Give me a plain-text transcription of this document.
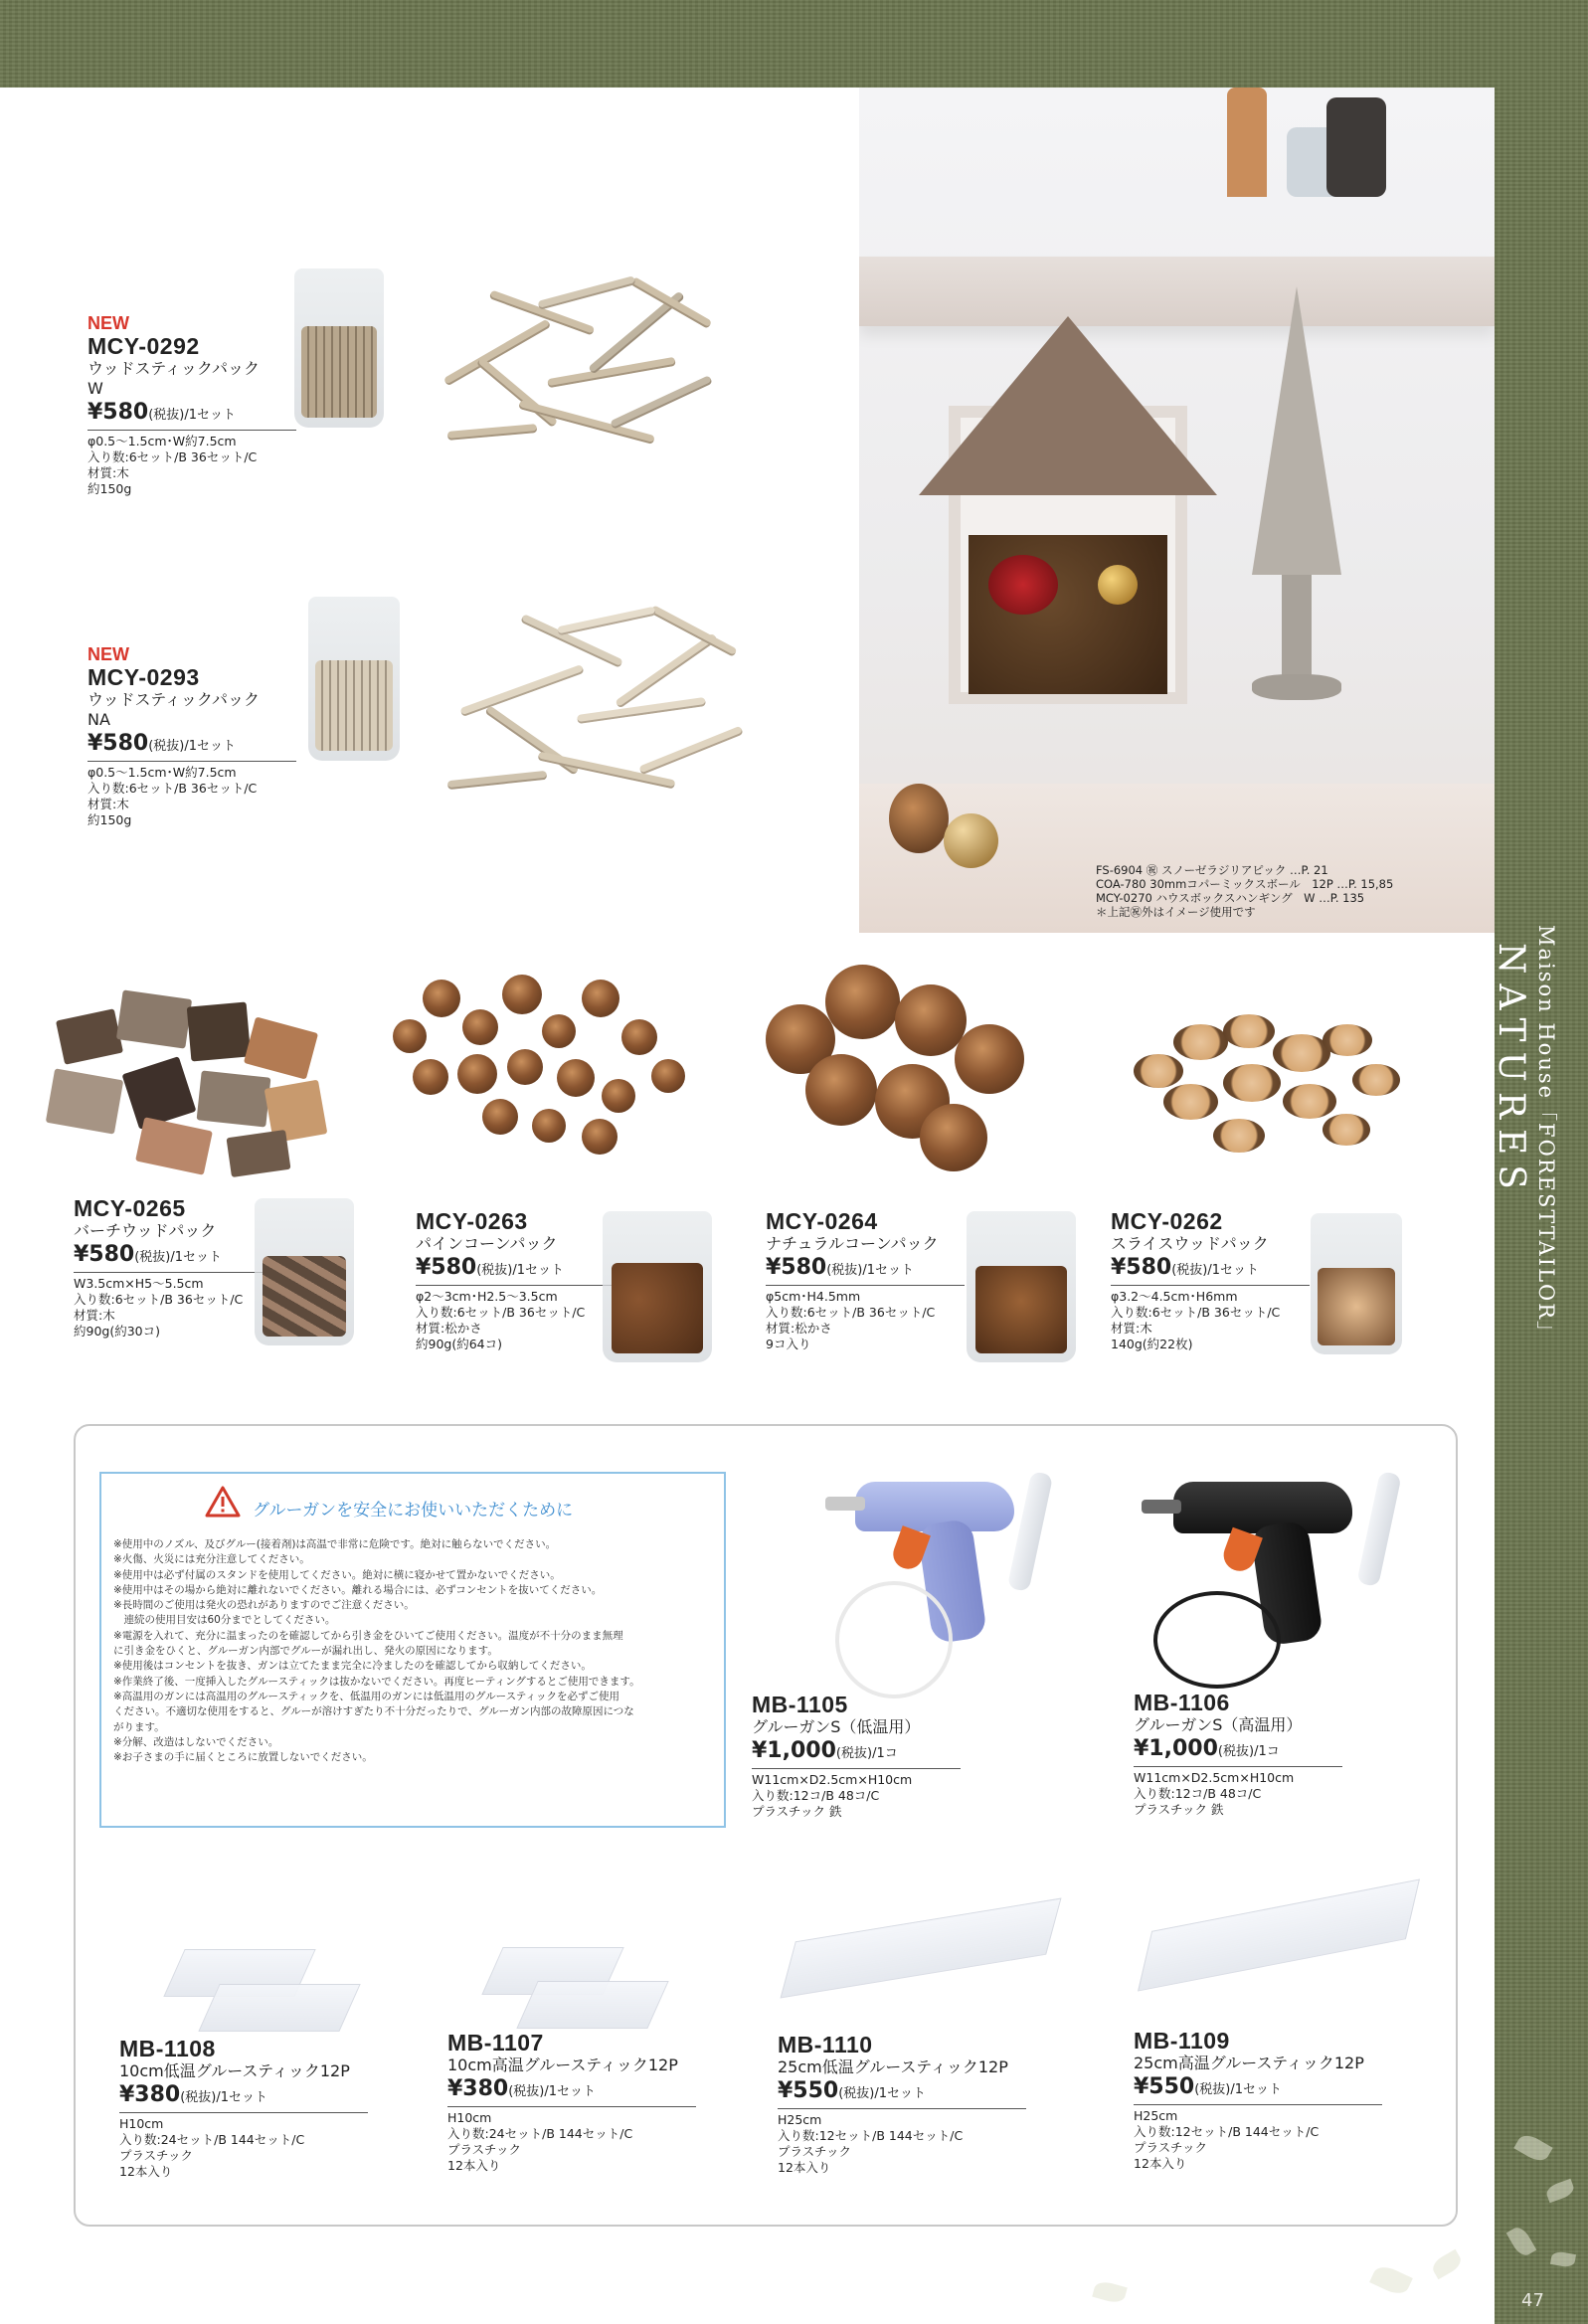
Maison House「FORESTTAILOR」 NATURES
47
NEW
MCY-0292
ウッドスティックパック
W
¥580(税抜)/1セット
φ0.5～1.5cm･W約7.5cm
入り数:6セット/B 36セット/C
材質:木
約150g
NEW
MCY-0293
ウッドスティックパック
NA
¥580(税抜)/1セット
φ0.5～1.5cm･W約7.5cm
入り数:6セット/B 36セット/C
材質:木
約150g
FS-6904 ㊗ スノーゼラジリアピック …P. 21
COA-780 30mmコパーミックスボール　12P …P. 15,85
MCY-0270 ハウスボックスハンギング　W …P. 135
＊上記㊗外はイメージ使用です
MCY-0265
バーチウッドパック
¥580(税抜)/1セット
W3.5cm×H5～5.5cm
入り数:6セット/B 36セット/C
材質:木
約90g(約30コ)
MCY-0263
パインコーンパック
¥580(税抜)/1セット
φ2～3cm･H2.5～3.5cm
入り数:6セット/B 36セット/C
材質:松かさ
約90g(約64コ)
MCY-0264
ナチュラルコーンパック
¥580(税抜)/1セット
φ5cm･H4.5mm
入り数:6セット/B 36セット/C
材質:松かさ
9コ入り
MCY-0262
スライスウッドパック
¥580(税抜)/1セット
φ3.2～4.5cm･H6mm
入り数:6セット/B 36セット/C
材質:木
140g(約22枚)
グルーガンを安全にお使いいただくために
※使用中のノズル、及びグルー(接着剤)は高温で非常に危険です。絶対に触らないでください。
※火傷、火災には充分注意してください。
※使用中は必ず付属のスタンドを使用してください。絶対に横に寝かせて置かないでください。
※使用中はその場から絶対に離れないでください。離れる場合には、必ずコンセントを抜いてください。
※長時間のご使用は発火の恐れがありますのでご注意ください。
　連続の使用目安は60分までとしてください。
※電源を入れて、充分に温まったのを確認してから引き金をひいてご使用ください。温度が不十分のまま無理
に引き金をひくと、グルーガン内部でグルーが漏れ出し、発火の原因になります。
※使用後はコンセントを抜き、ガンは立てたまま完全に冷ましたのを確認してから収納してください。
※作業終了後、一度挿入したグルースティックは抜かないでください。再度ヒーティングするとご使用できます。
※高温用のガンには高温用のグルースティックを、低温用のガンには低温用のグルースティックを必ずご使用
ください。不適切な使用をすると、グルーが溶けすぎたり不十分だったりで、グルーガン内部の故障原因につな
がります。
※分解、改造はしないでください。
※お子さまの手に届くところに放置しないでください。
MB-1105
グルーガンS（低温用）
¥1,000(税抜)/1コ
W11cm×D2.5cm×H10cm
入り数:12コ/B 48コ/C
プラスチック 鉄
MB-1106
グルーガンS（高温用）
¥1,000(税抜)/1コ
W11cm×D2.5cm×H10cm
入り数:12コ/B 48コ/C
プラスチック 鉄
MB-1108
10cm低温グルースティック12P
¥380(税抜)/1セット
H10cm
入り数:24セット/B 144セット/C
プラスチック
12本入り
MB-1107
10cm高温グルースティック12P
¥380(税抜)/1セット
H10cm
入り数:24セット/B 144セット/C
プラスチック
12本入り
MB-1110
25cm低温グルースティック12P
¥550(税抜)/1セット
H25cm
入り数:12セット/B 144セット/C
プラスチック
12本入り
MB-1109
25cm高温グルースティック12P
¥550(税抜)/1セット
H25cm
入り数:12セット/B 144セット/C
プラスチック
12本入り
